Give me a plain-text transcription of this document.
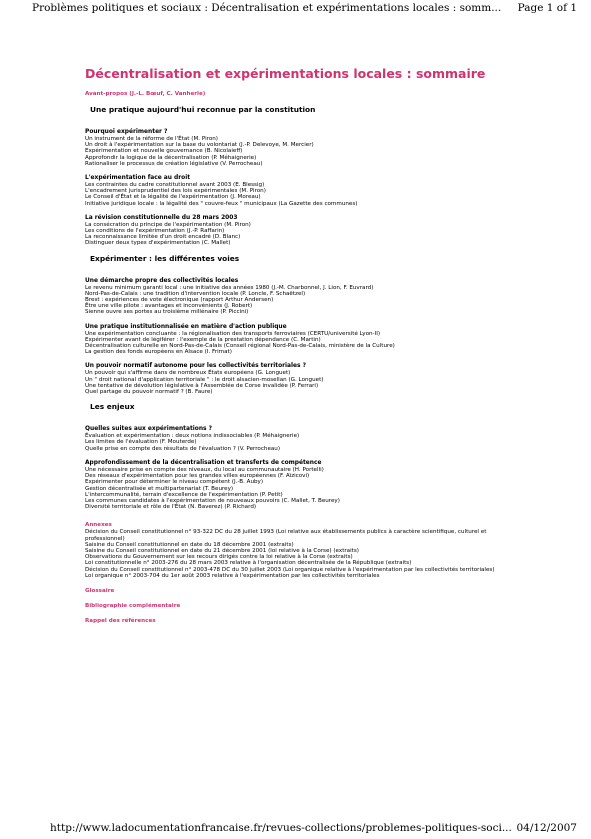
Problèmes politiques et sociaux : Décentralisation et expérimentations locales : somm... Page 1 of 1
Décentralisation et expérimentations locales : sommaire

Avant-propos (J.-L. Bœuf, C. Vanherle)

Une pratique aujourd'hui reconnue par la constitution

Pourquoi expérimenter ?

Un instrument de la réforme de l'État (M. Piron)

Un droit à l'expérimentation sur la base du volontariat (J.-P. Delevoye, M. Mercier)

Expérimentation et nouvelle gouvernance (B. Nicolaieff)

Approfondir la logique de la décentralisation (P. Méhaignerie)

Rationaliser le processus de création législative (V. Perrocheau)

L'expérimentation face au droit

Les contraintes du cadre constitutionnel avant 2003 (E. Blessig)

L'encadrement jurisprudentiel des lois expérimentales (M. Piron)

Le Conseil d'État et la légalité de l'expérimentation (J. Moreau)

Initiative juridique locale : la légalité des " couvre-feux " municipaux (La Gazette des communes)

La révision constitutionnelle du 28 mars 2003

La consécration du principe de l'expérimentation (M. Piron)

Les conditions de l'expérimentation (J.-P. Raffarin)

La reconnaissance limitée d'un droit encadré (D. Blanc)

Distinguer deux types d'expérimentation (C. Mallet)

Expérimenter : les différentes voies

Une démarche propre des collectivités locales

Le revenu minimum garanti local : une initiative des années 1980 (J.-M. Charbonnel, J. Lion, F. Euvrard)

Nord-Pas-de-Calais : une tradition d'intervention locale (P. Loncle, F. Schaëtzel)

Brest : expériences de vote électronique (rapport Arthur Andersen)

Être une ville pilote : avantages et inconvénients (J. Robert)

Sienne ouvre ses portes au troisième millénaire (P. Piccini)

Une pratique institutionnalisée en matière d'action publique

Une expérimentation concluante : la régionalisation des transports ferroviaires (CERTU/université Lyon-II)

Expérimenter avant de légiférer : l'exemple de la prestation dépendance (C. Martin)

Décentralisation culturelle en Nord-Pas-de-Calais (Conseil régional Nord-Pas-de-Calais, ministère de la Culture)

La gestion des fonds européens en Alsace (I. Frimat)

Un pouvoir normatif autonome pour les collectivités territoriales ?

Un pouvoir qui s'affirme dans de nombreux États européens (G. Longuet)

Un " droit national d'application territoriale " : le droit alsacien-mosellan (G. Longuet)

Une tentative de dévolution législative à l'Assemblée de Corse invalidée (P. Ferrari)

Quel partage du pouvoir normatif ? (B. Faure)

Les enjeux

Quelles suites aux expérimentations ?

Évaluation et expérimentation : deux notions indissociables (P. Méhaignerie)

Les limites de l'évaluation (F. Mouterde)

Quelle prise en compte des résultats de l'évaluation ? (V. Perrocheau)

Approfondissement de la décentralisation et transferts de compétence

Une nécessaire prise en compte des niveaux, du local au communautaire (H. Portelli)

Des réseaux d'expérimentation pour les grandes villes européennes (F. Aïzicovi)

Expérimenter pour déterminer le niveau compétent (J.-B. Auby)

Gestion décentralisée et multipartenariat (T. Beurey)

L'intercommunalité, terrain d'excellence de l'expérimentation (P. Petit)

Les communes candidates à l'expérimentation de nouveaux pouvoirs (C. Mallet, T. Beurey)

Diversité territoriale et rôle de l'État (N. Baverez) (P. Richard)

Annexes

Décision du Conseil constitutionnel n° 93-322 DC du 28 juillet 1993 (Loi relative aux établissements publics à caractère scientifique, culturel et professionnel)

Saisine du Conseil constitutionnel en date du 18 décembre 2001 (extraits)

Saisine du Conseil constitutionnel en date du 21 décembre 2001 (loi relative à la Corse) (extraits)

Observations du Gouvernement sur les recours dirigés contre la loi relative à la Corse (extraits)

Loi constitutionnelle n° 2003-276 du 28 mars 2003 relative à l'organisation décentralisée de la République (extraits)

Décision du Conseil constitutionnel n° 2003-478 DC du 30 juillet 2003 (Loi organique relative à l'expérimentation par les collectivités territoriales)

Loi organique n° 2003-704 du 1er août 2003 relative à l'expérimentation par les collectivités territoriales

Glossaire

Bibliographie complémentaire

Rappel des références

http://www.ladocumentationfrancaise.fr/revues-collections/problemes-politiques-soci... 04/12/2007
